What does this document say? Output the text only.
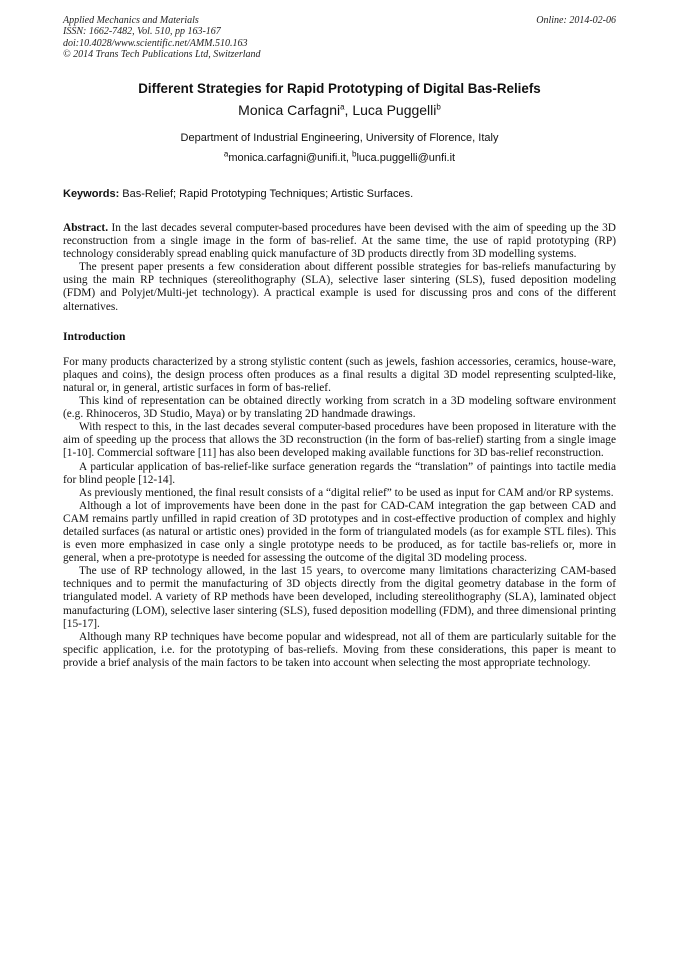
Applied Mechanics and Materials
ISSN: 1662-7482, Vol. 510, pp 163-167
doi:10.4028/www.scientific.net/AMM.510.163
© 2014 Trans Tech Publications Ltd, Switzerland
Online: 2014-02-06
Different Strategies for Rapid Prototyping of Digital Bas-Reliefs
Monica Carfagni$^a$, Luca Puggelli$^b$
Department of Industrial Engineering, University of Florence, Italy
$^a$monica.carfagni@unifi.it, $^b$luca.puggelli@unfi.it
Keywords: Bas-Relief; Rapid Prototyping Techniques; Artistic Surfaces.

Abstract. In the last decades several computer-based procedures have been devised with the aim of speeding up the 3D reconstruction from a single image in the form of bas-relief. At the same time, the use of rapid prototyping (RP) technology considerably spread enabling quick manufacture of 3D products directly from 3D modelling systems.

The present paper presents a few consideration about different possible strategies for bas-reliefs manufacturing by using the main RP techniques (stereolithography (SLA), selective laser sintering (SLS), fused deposition modeling (FDM) and Polyjet/Multi-jet technology). A practical example is used for discussing pros and cons of the different alternatives.

Introduction

For many products characterized by a strong stylistic content (such as jewels, fashion accessories, ceramics, house-ware, plaques and coins), the design process often produces as a final results a digital 3D model representing sculpted-like, natural or, in general, artistic surfaces in form of bas-relief.

This kind of representation can be obtained directly working from scratch in a 3D modeling software environment (e.g. Rhinoceros, 3D Studio, Maya) or by translating 2D handmade drawings.

With respect to this, in the last decades several computer-based procedures have been proposed in literature with the aim of speeding up the process that allows the 3D reconstruction (in the form of bas-relief) starting from a single image [1-10]. Commercial software [11] has also been developed making available functions for 3D bas-relief reconstruction.

A particular application of bas-relief-like surface generation regards the “translation” of paintings into tactile media for blind people [12-14].

As previously mentioned, the final result consists of a “digital relief” to be used as input for CAM and/or RP systems.

Although a lot of improvements have been done in the past for CAD-CAM integration the gap between CAD and CAM remains partly unfilled in rapid creation of 3D prototypes and in cost-effective production of complex and highly detailed surfaces (as natural or artistic ones) provided in the form of triangulated models (as for example STL files). This is even more emphasized in case only a single prototype needs to be produced, as for tactile bas-reliefs or, more in general, when a pre-prototype is needed for assessing the outcome of the digital 3D modeling process.

The use of RP technology allowed, in the last 15 years, to overcome many limitations characterizing CAM-based techniques and to permit the manufacturing of 3D objects directly from the digital geometry database in the form of triangulated model. A variety of RP methods have been developed, including stereolithography (SLA), laminated object manufacturing (LOM), selective laser sintering (SLS), fused deposition modelling (FDM), and three dimensional printing [15-17].

Although many RP techniques have become popular and widespread, not all of them are particularly suitable for the specific application, i.e. for the prototyping of bas-reliefs. Moving from these considerations, this paper is meant to provide a brief analysis of the main factors to be taken into account when selecting the most appropriate technology.
